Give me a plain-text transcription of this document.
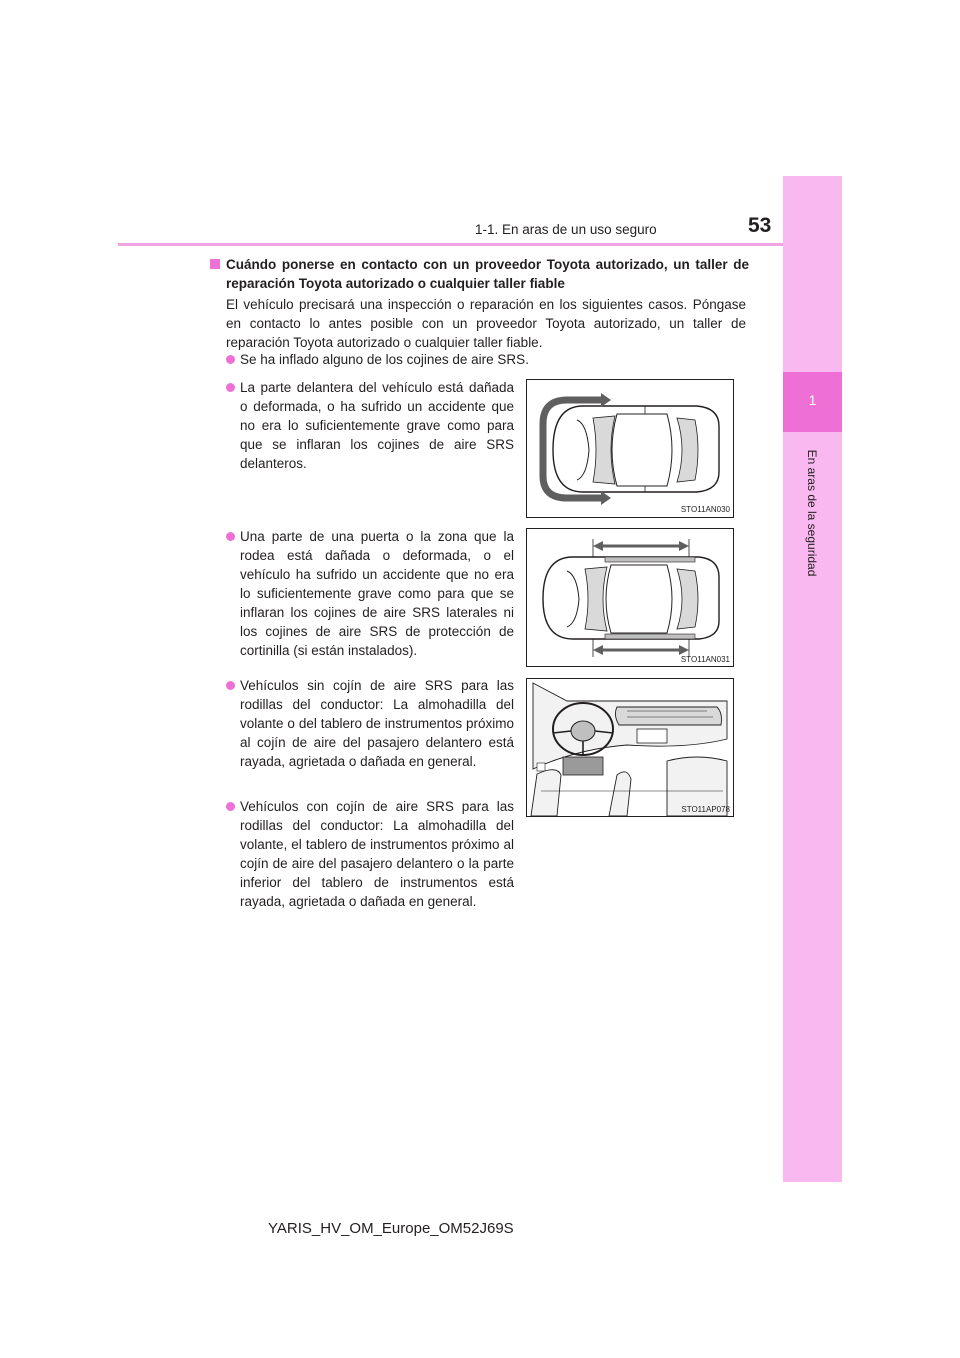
1
En aras de la seguridad
1-1. En aras de un uso seguro	53
Cuándo ponerse en contacto con un proveedor Toyota autorizado, un taller de reparación Toyota autorizado o cualquier taller fiable
El vehículo precisará una inspección o reparación en los siguientes casos. Póngase en contacto lo antes posible con un proveedor Toyota autorizado, un taller de reparación Toyota autorizado o cualquier taller fiable.
Se ha inflado alguno de los cojines de aire SRS.
La parte delantera del vehículo está dañada o deformada, o ha sufrido un accidente que no era lo suficientemente grave como para que se inflaran los cojines de aire SRS delanteros.
Una parte de una puerta o la zona que la rodea está dañada o deformada, o el vehículo ha sufrido un accidente que no era lo suficientemente grave como para que se inflaran los cojines de aire SRS laterales ni los cojines de aire SRS de protección de cortinilla (si están instalados).
Vehículos sin cojín de aire SRS para las rodillas del conductor: La almohadilla del volante o del tablero de instrumentos próximo al cojín de aire del pasajero delantero está rayada, agrietada o dañada en general.
Vehículos con cojín de aire SRS para las rodillas del conductor: La almohadilla del volante, el tablero de instrumentos próximo al cojín de aire del pasajero delantero o la parte inferior del tablero de instrumentos está rayada, agrietada o dañada en general.
STO11AN030
STO11AN031
STO11AP078
YARIS_HV_OM_Europe_OM52J69S
